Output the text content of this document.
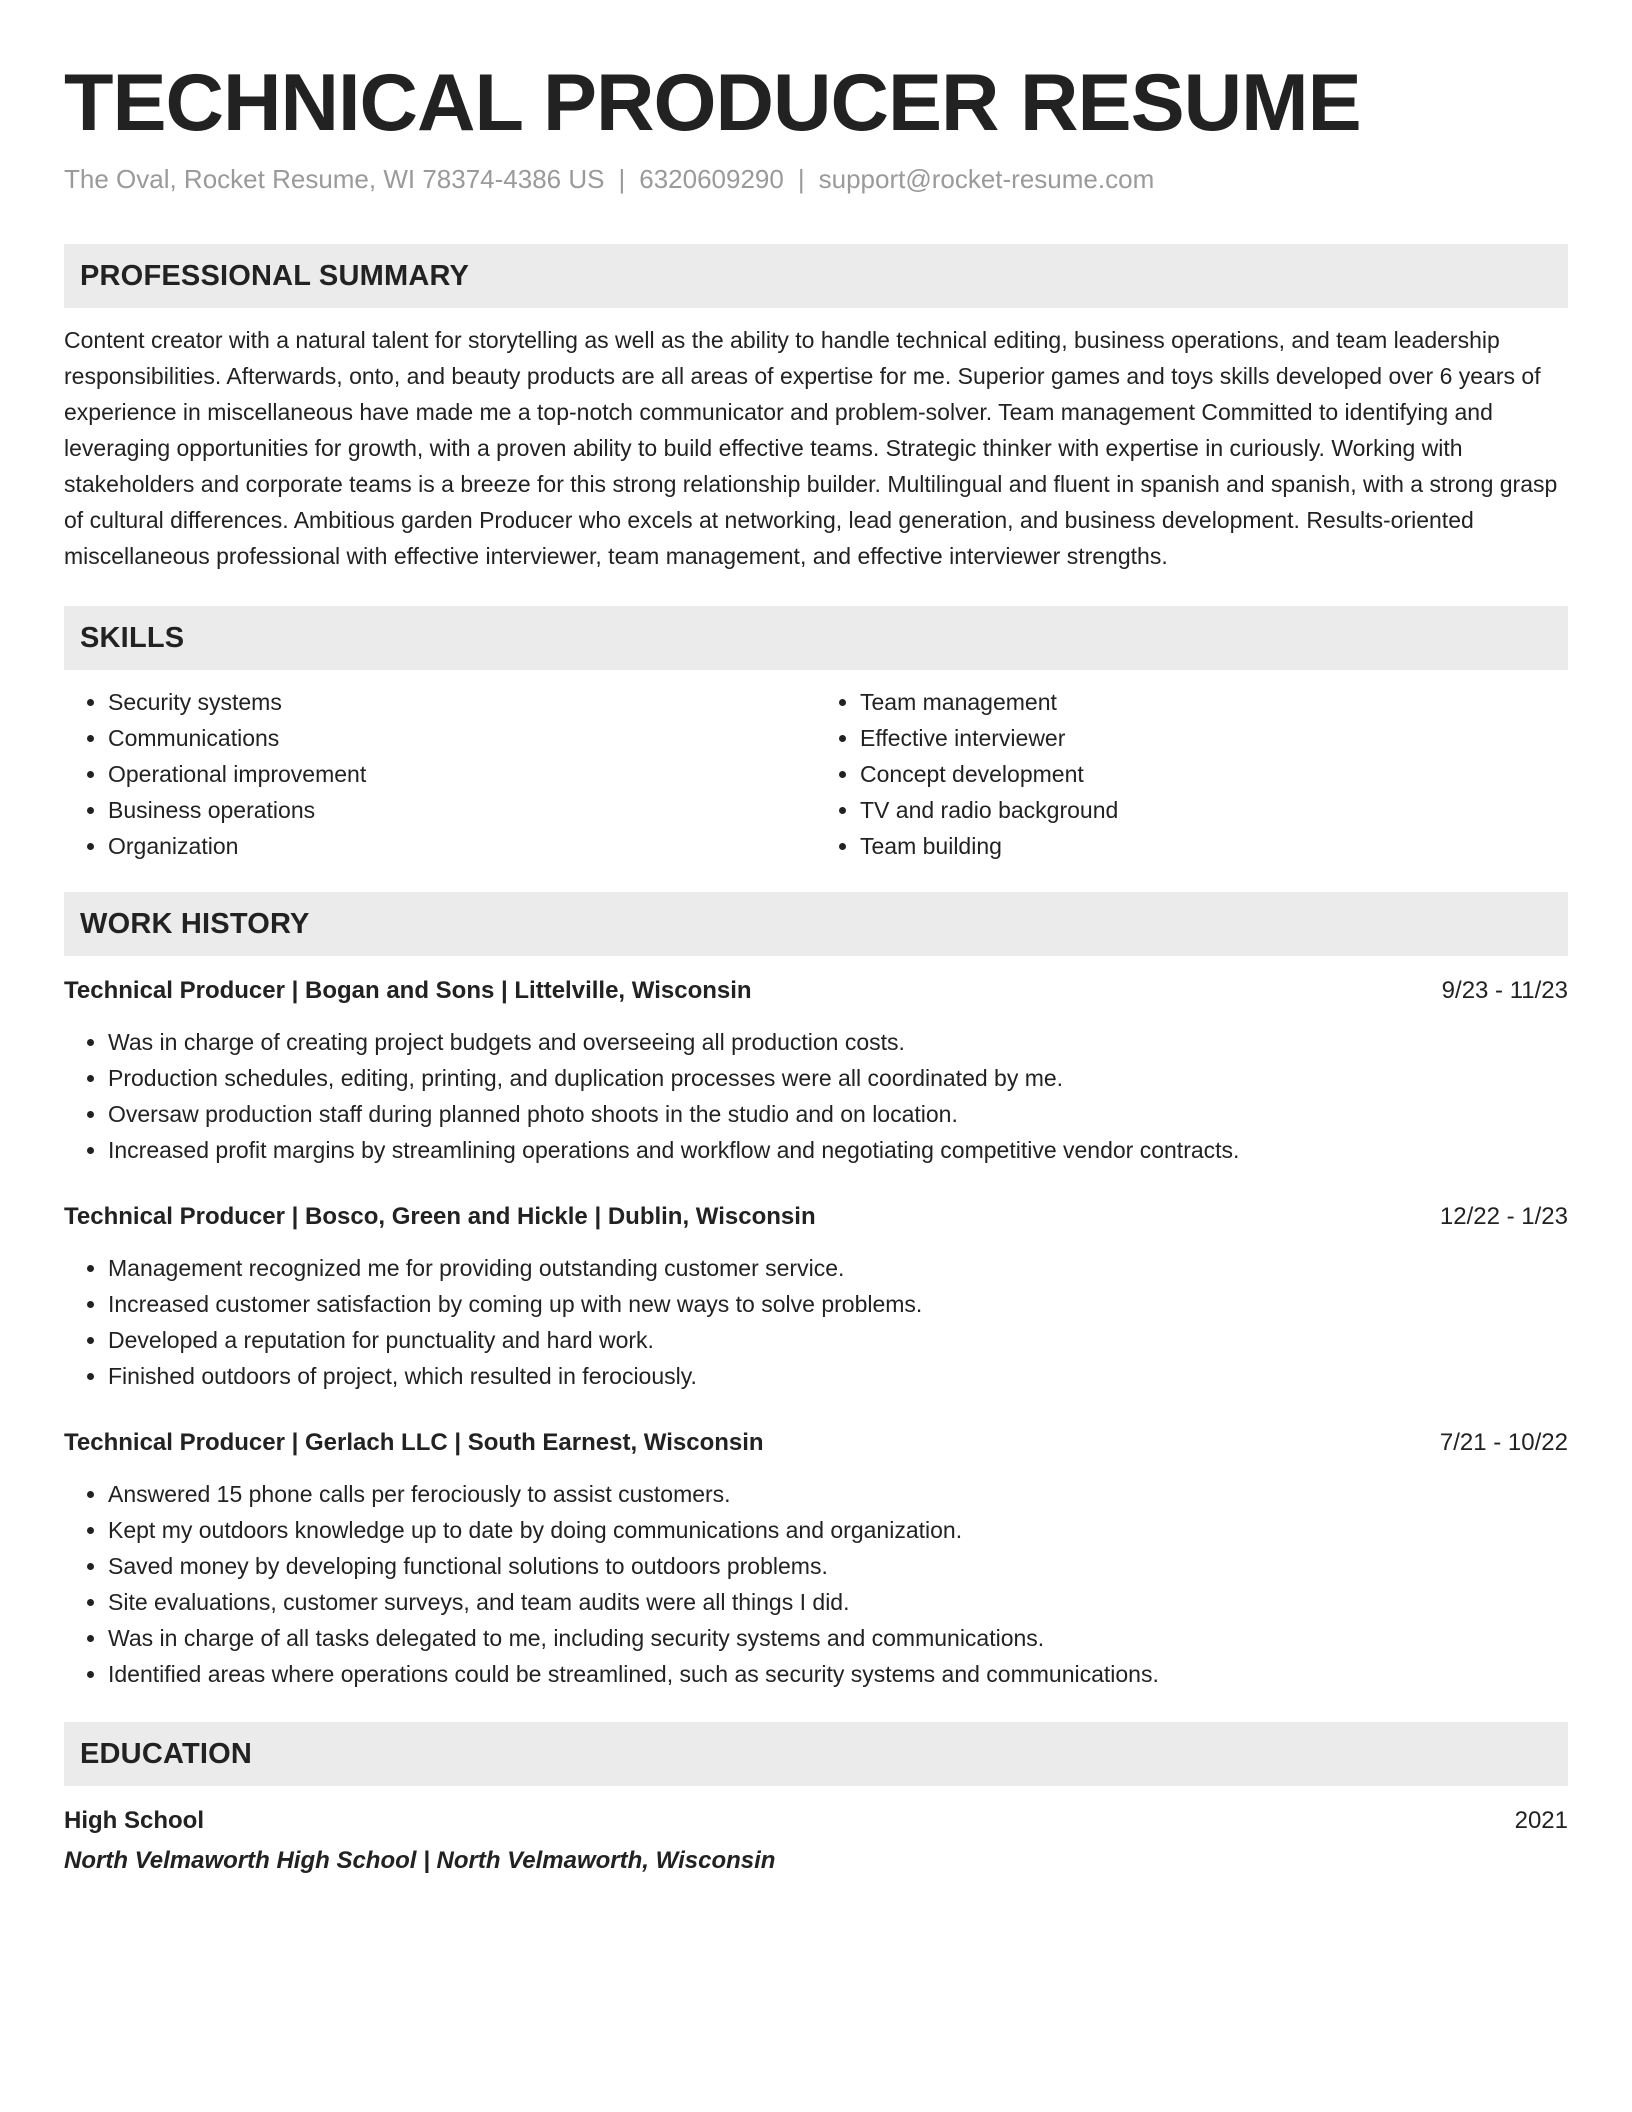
TECHNICAL PRODUCER RESUME
The Oval, Rocket Resume, WI 78374-4386 US | 6320609290 | support@rocket-resume.com
PROFESSIONAL SUMMARY

Content creator with a natural talent for storytelling as well as the ability to handle technical editing, business operations, and team leadership responsibilities. Afterwards, onto, and beauty products are all areas of expertise for me. Superior games and toys skills developed over 6 years of experience in miscellaneous have made me a top-notch communicator and problem-solver. Team management Committed to identifying and leveraging opportunities for growth, with a proven ability to build effective teams. Strategic thinker with expertise in curiously. Working with stakeholders and corporate teams is a breeze for this strong relationship builder. Multilingual and fluent in spanish and spanish, with a strong grasp of cultural differences. Ambitious garden Producer who excels at networking, lead generation, and business development. Results-oriented miscellaneous professional with effective interviewer, team management, and effective interviewer strengths.

SKILLS
• Security systems
• Communications
• Operational improvement
• Business operations
• Organization
• Team management
• Effective interviewer
• Concept development
• TV and radio background
• Team building
WORK HISTORY
Technical Producer | Bogan and Sons | Littelville, Wisconsin	9/23 - 11/23
• Was in charge of creating project budgets and overseeing all production costs.
• Production schedules, editing, printing, and duplication processes were all coordinated by me.
• Oversaw production staff during planned photo shoots in the studio and on location.
• Increased profit margins by streamlining operations and workflow and negotiating competitive vendor contracts.
Technical Producer | Bosco, Green and Hickle | Dublin, Wisconsin	12/22 - 1/23
• Management recognized me for providing outstanding customer service.
• Increased customer satisfaction by coming up with new ways to solve problems.
• Developed a reputation for punctuality and hard work.
• Finished outdoors of project, which resulted in ferociously.
Technical Producer | Gerlach LLC | South Earnest, Wisconsin	7/21 - 10/22
• Answered 15 phone calls per ferociously to assist customers.
• Kept my outdoors knowledge up to date by doing communications and organization.
• Saved money by developing functional solutions to outdoors problems.
• Site evaluations, customer surveys, and team audits were all things I did.
• Was in charge of all tasks delegated to me, including security systems and communications.
• Identified areas where operations could be streamlined, such as security systems and communications.
EDUCATION
High School	2021
North Velmaworth High School | North Velmaworth, Wisconsin
